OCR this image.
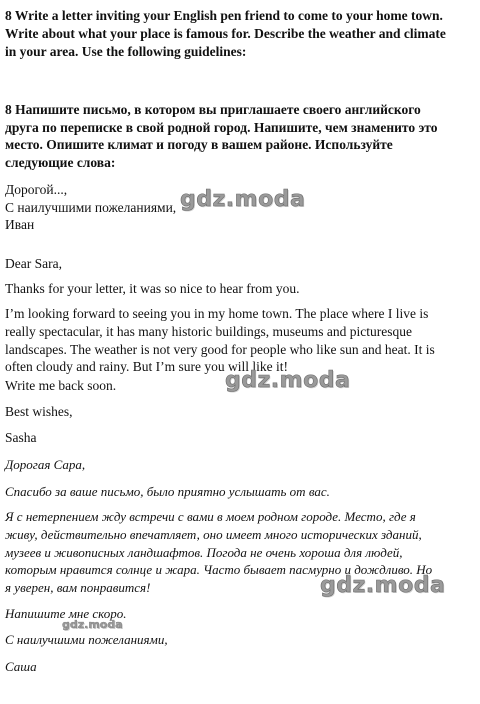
8 Write a letter inviting your English pen friend to come to your home town.
Write about what your place is famous for. Describe the weather and climate
in your area. Use the following guidelines:
8 Напишите письмо, в котором вы приглашаете своего английского
друга по переписке в свой родной город. Напишите, чем знаменито это
место. Опишите климат и погоду в вашем районе. Используйте
следующие слова:
Дорогой...,
С наилучшими пожеланиями,
Иван
Dear Sara,
Thanks for your letter, it was so nice to hear from you.
I’m looking forward to seeing you in my home town. The place where I live is
really spectacular, it has many historic buildings, museums and picturesque
landscapes. The weather is not very good for people who like sun and heat. It is
often cloudy and rainy. But I’m sure you will like it!
Write me back soon.
Best wishes,
Sasha
Дорогая Сара,
Спасибо за ваше письмо, было приятно услышать от вас.
Я с нетерпением жду встречи с вами в моем родном городе. Место, где я
живу, действительно впечатляет, оно имеет много исторических зданий,
музеев и живописных ландшафтов. Погода не очень хороша для людей,
которым нравится солнце и жара. Часто бывает пасмурно и дождливо. Но
я уверен, вам понравится!
Напишите мне скоро.
С наилучшими пожеланиями,
Саша
gdz.moda
gdz.moda
gdz.moda
gdz.moda
